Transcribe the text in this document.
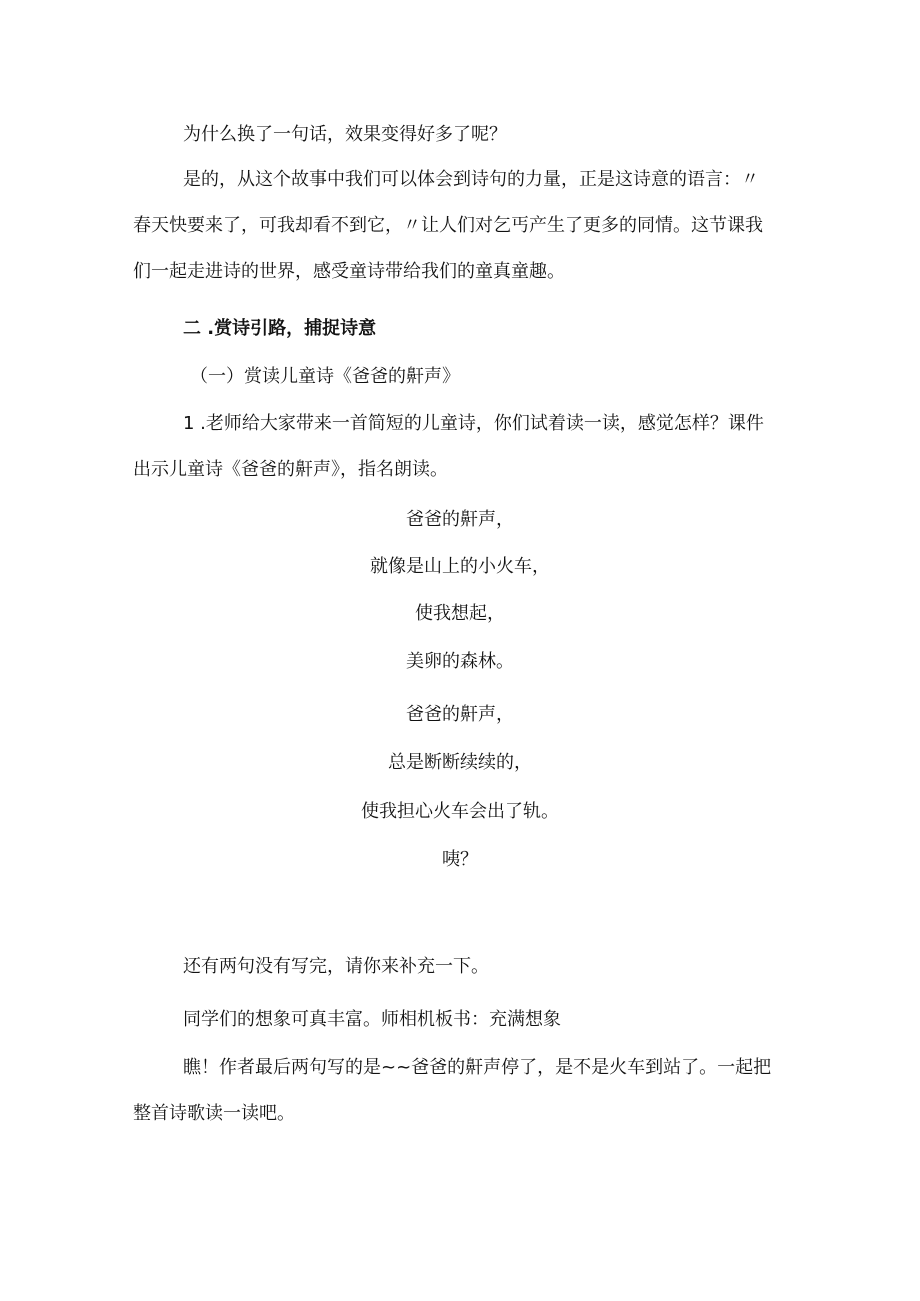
为什么换了一句话，效果变得好多了呢？
是的，从这个故事中我们可以体会到诗句的力量，正是这诗意的语言：〃
春天快要来了，可我却看不到它，〃让人们对乞丐产生了更多的同情。这节课我
们一起走进诗的世界，感受童诗带给我们的童真童趣。
二 .赏诗引路，捕捉诗意
（一）赏读儿童诗《爸爸的鼾声》
1 .老师给大家带来一首简短的儿童诗，你们试着读一读，感觉怎样？课件
出示儿童诗《爸爸的鼾声》，指名朗读。
爸爸的鼾声，
就像是山上的小火车，
使我想起，
美卵的森林。
爸爸的鼾声，
总是断断续续的，
使我担心火车会出了轨。
咦？
还有两句没有写完，请你来补充一下。
同学们的想象可真丰富。师相机板书：充满想象
瞧！作者最后两句写的是~~爸爸的鼾声停了，是不是火车到站了。一起把
整首诗歌读一读吧。
